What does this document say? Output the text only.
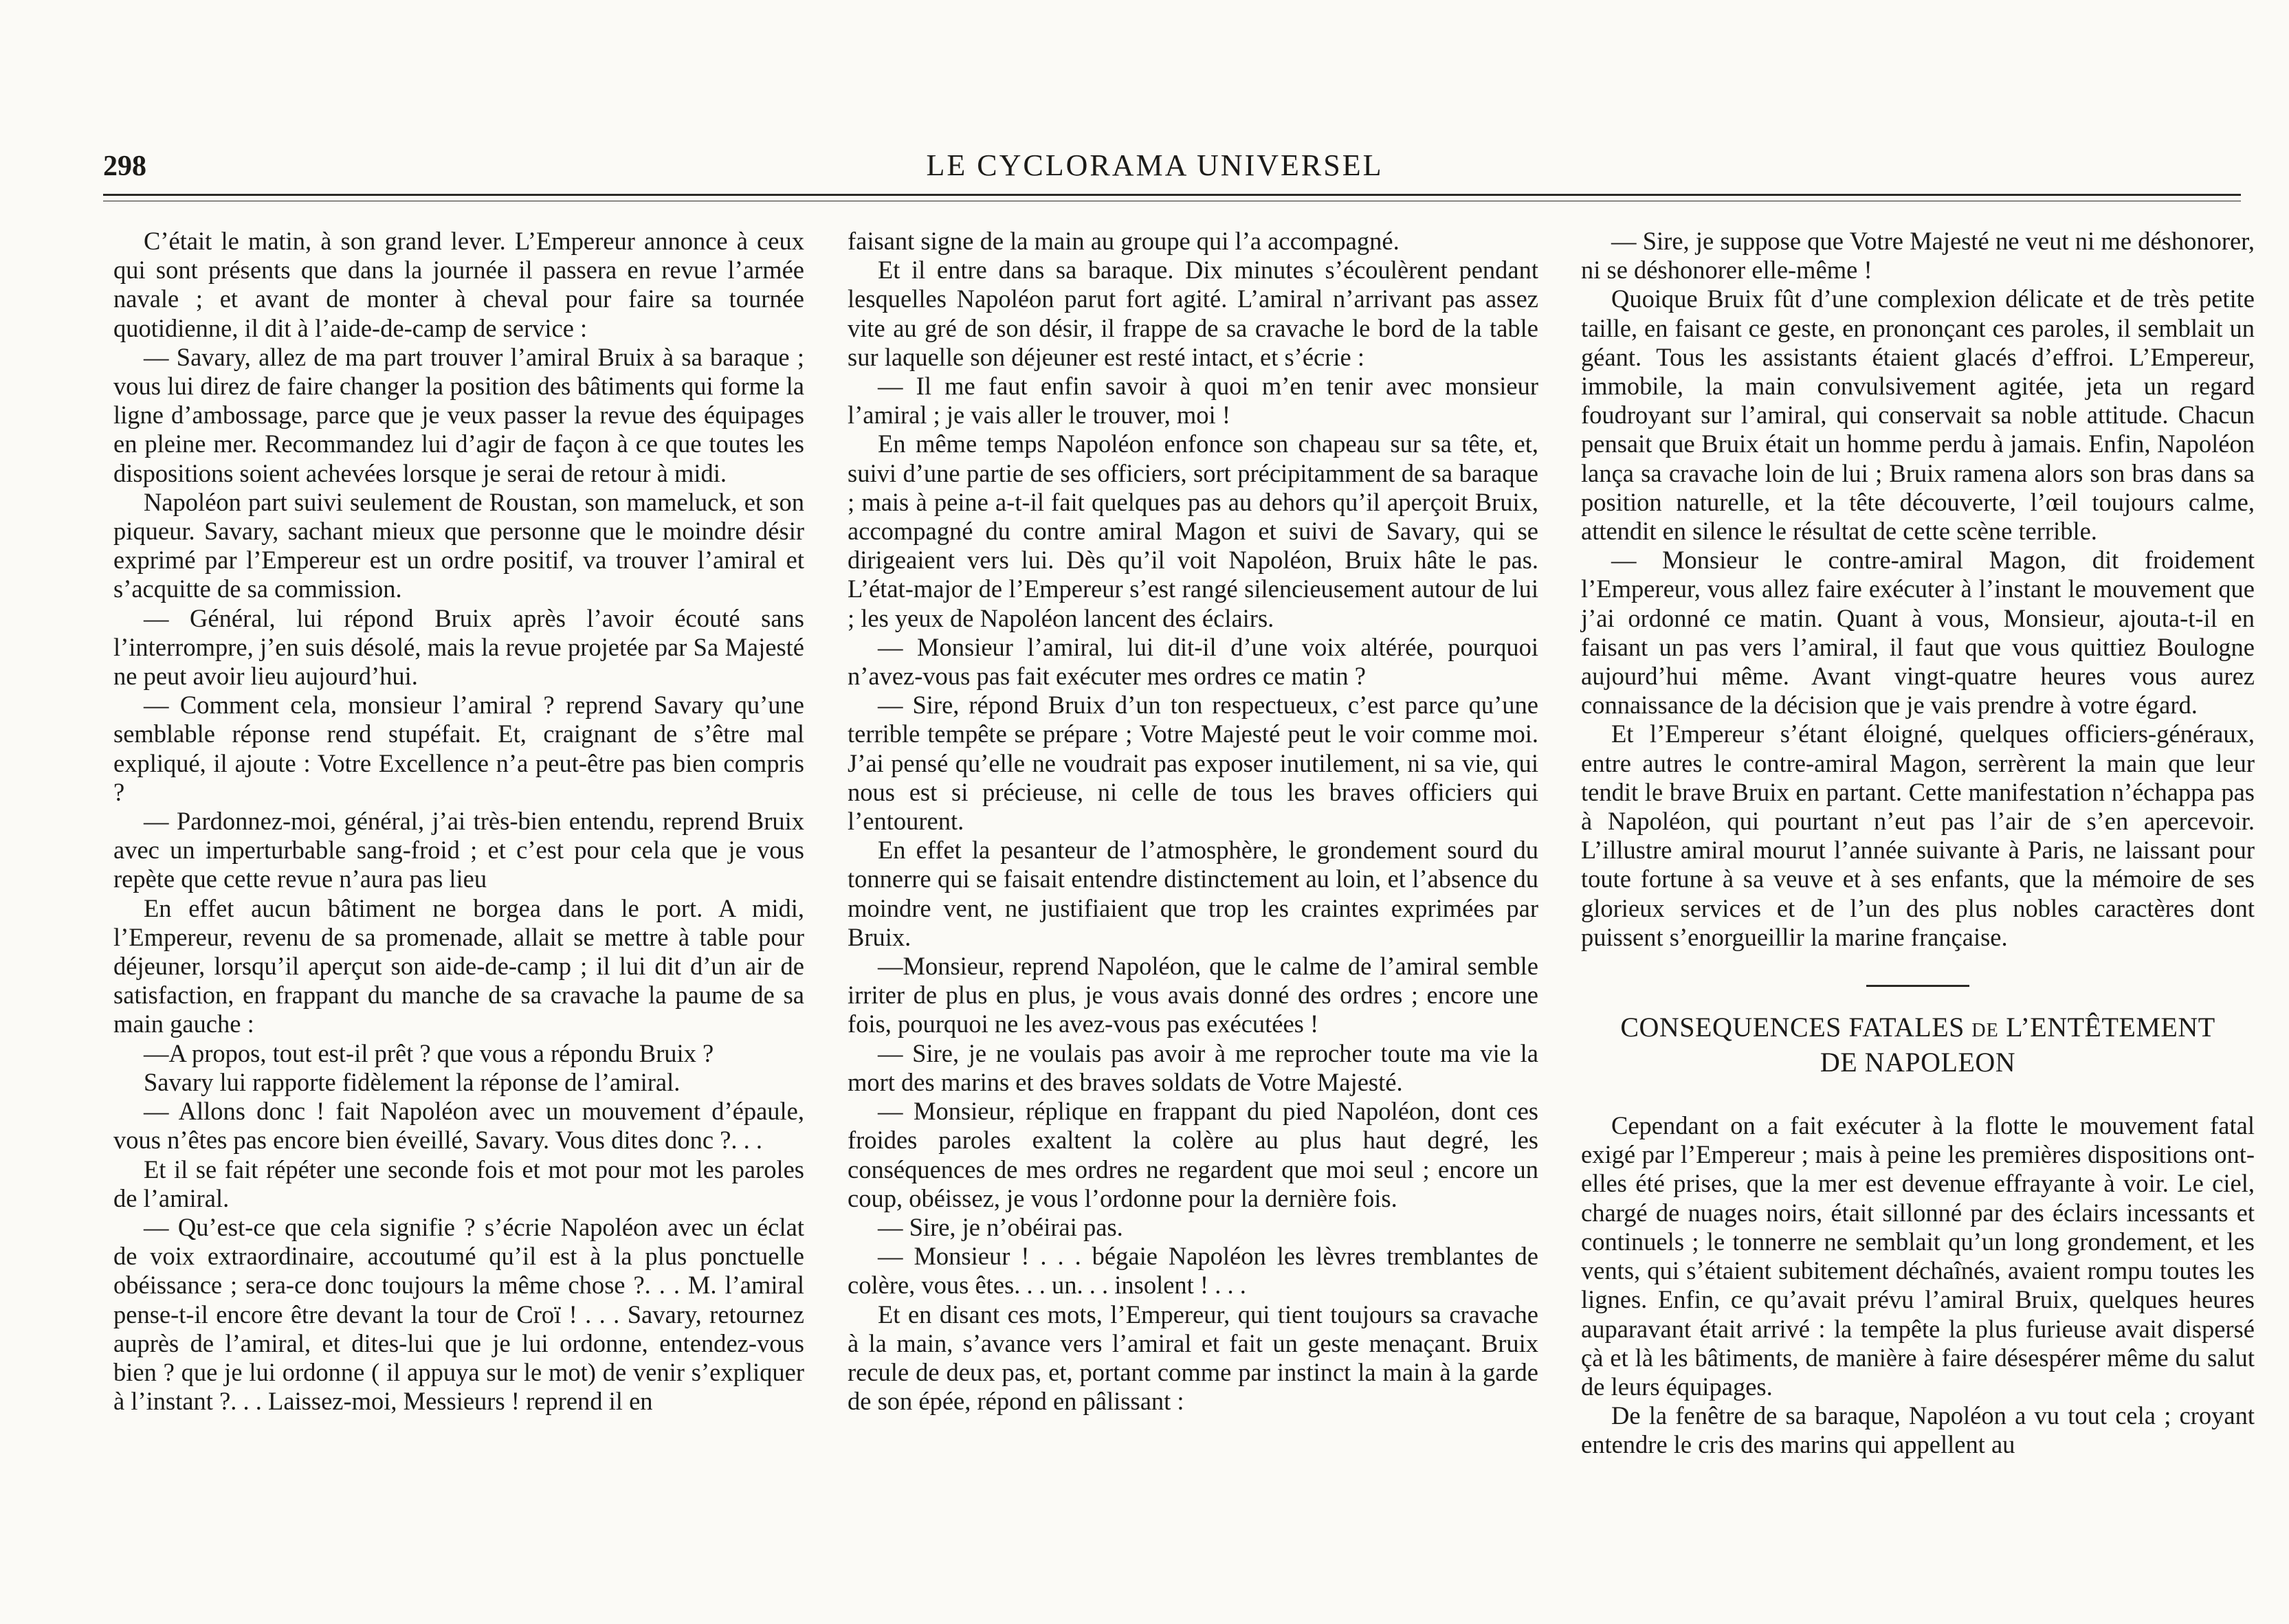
298	LE CYCLORAMA UNIVERSEL

C’était le matin, à son grand lever. L’Empereur annonce à ceux qui sont présents que dans la journée il passera en revue l’armée navale ; et avant de monter à cheval pour faire sa tournée quotidienne, il dit à l’aide-de-camp de service :

— Savary, allez de ma part trouver l’amiral Bruix à sa baraque ; vous lui direz de faire changer la position des bâtiments qui forme la ligne d’ambossage, parce que je veux passer la revue des équipages en pleine mer. Recommandez lui d’agir de façon à ce que toutes les dispositions soient achevées lorsque je serai de retour à midi.

Napoléon part suivi seulement de Roustan, son mameluck, et son piqueur. Savary, sachant mieux que personne que le moindre désir exprimé par l’Empereur est un ordre positif, va trouver l’amiral et s’acquitte de sa commission.

— Général, lui répond Bruix après l’avoir écouté sans l’interrompre, j’en suis désolé, mais la revue projetée par Sa Majesté ne peut avoir lieu aujourd’hui.

— Comment cela, monsieur l’amiral ? reprend Savary qu’une semblable réponse rend stupéfait. Et, craignant de s’être mal expliqué, il ajoute : Votre Excellence n’a peut-être pas bien compris ?

— Pardonnez-moi, général, j’ai très-bien entendu, reprend Bruix avec un imperturbable sang-froid ; et c’est pour cela que je vous repète que cette revue n’aura pas lieu

En effet aucun bâtiment ne borgea dans le port. A midi, l’Empereur, revenu de sa promenade, allait se mettre à table pour déjeuner, lorsqu’il aperçut son aide-de-camp ; il lui dit d’un air de satisfaction, en frappant du manche de sa cravache la paume de sa main gauche :

—A propos, tout est-il prêt ? que vous a répondu Bruix ?

Savary lui rapporte fidèlement la réponse de l’amiral.

— Allons donc ! fait Napoléon avec un mouvement d’épaule, vous n’êtes pas encore bien éveillé, Savary. Vous dites donc ?. . .

Et il se fait répéter une seconde fois et mot pour mot les paroles de l’amiral.

— Qu’est-ce que cela signifie ? s’écrie Napoléon avec un éclat de voix extraordinaire, accoutumé qu’il est à la plus ponctuelle obéissance ; sera-ce donc toujours la même chose ?. . . M. l’amiral pense-t-il encore être devant la tour de Croï ! . . . Savary, retournez auprès de l’amiral, et dites-lui que je lui ordonne, entendez-vous bien ? que je lui ordonne ( il appuya sur le mot) de venir s’expliquer à l’instant ?. . . Laissez-moi, Messieurs ! reprend il en

faisant signe de la main au groupe qui l’a accompagné.

Et il entre dans sa baraque. Dix minutes s’écoulèrent pendant lesquelles Napoléon parut fort agité. L’amiral n’arrivant pas assez vite au gré de son désir, il frappe de sa cravache le bord de la table sur laquelle son déjeuner est resté intact, et s’écrie :

— Il me faut enfin savoir à quoi m’en tenir avec monsieur l’amiral ; je vais aller le trouver, moi !

En même temps Napoléon enfonce son chapeau sur sa tête, et, suivi d’une partie de ses officiers, sort précipitamment de sa baraque ; mais à peine a-t-il fait quelques pas au dehors qu’il aperçoit Bruix, accompagné du contre amiral Magon et suivi de Savary, qui se dirigeaient vers lui. Dès qu’il voit Napoléon, Bruix hâte le pas. L’état-major de l’Empereur s’est rangé silencieusement autour de lui ; les yeux de Napoléon lancent des éclairs.

— Monsieur l’amiral, lui dit-il d’une voix altérée, pourquoi n’avez-vous pas fait exécuter mes ordres ce matin ?

— Sire, répond Bruix d’un ton respectueux, c’est parce qu’une terrible tempête se prépare ; Votre Majesté peut le voir comme moi. J’ai pensé qu’elle ne voudrait pas exposer inutilement, ni sa vie, qui nous est si précieuse, ni celle de tous les braves officiers qui l’entourent.

En effet la pesanteur de l’atmosphère, le grondement sourd du tonnerre qui se faisait entendre distinctement au loin, et l’absence du moindre vent, ne justifiaient que trop les craintes exprimées par Bruix.

—Monsieur, reprend Napoléon, que le calme de l’amiral semble irriter de plus en plus, je vous avais donné des ordres ; encore une fois, pourquoi ne les avez-vous pas exécutées !

— Sire, je ne voulais pas avoir à me reprocher toute ma vie la mort des marins et des braves soldats de Votre Majesté.

— Monsieur, réplique en frappant du pied Napoléon, dont ces froides paroles exaltent la colère au plus haut degré, les conséquences de mes ordres ne regardent que moi seul ; encore un coup, obéissez, je vous l’ordonne pour la dernière fois.

— Sire, je n’obéirai pas.

— Monsieur ! . . . bégaie Napoléon les lèvres tremblantes de colère, vous êtes. . . un. . . insolent ! . . .

Et en disant ces mots, l’Empereur, qui tient toujours sa cravache à la main, s’avance vers l’amiral et fait un geste menaçant. Bruix recule de deux pas, et, portant comme par instinct la main à la garde de son épée, répond en pâlissant :

— Sire, je suppose que Votre Majesté ne veut ni me déshonorer, ni se déshonorer elle-même !

Quoique Bruix fût d’une complexion délicate et de très petite taille, en faisant ce geste, en prononçant ces paroles, il semblait un géant. Tous les assistants étaient glacés d’effroi. L’Empereur, immobile, la main convulsivement agitée, jeta un regard foudroyant sur l’amiral, qui conservait sa noble attitude. Chacun pensait que Bruix était un homme perdu à jamais. Enfin, Napoléon lança sa cravache loin de lui ; Bruix ramena alors son bras dans sa position naturelle, et la tête découverte, l’œil toujours calme, attendit en silence le résultat de cette scène terrible.

— Monsieur le contre-amiral Magon, dit froidement l’Empereur, vous allez faire exécuter à l’instant le mouvement que j’ai ordonné ce matin. Quant à vous, Monsieur, ajouta-t-il en faisant un pas vers l’amiral, il faut que vous quittiez Boulogne aujourd’hui même. Avant vingt-quatre heures vous aurez connaissance de la décision que je vais prendre à votre égard.

Et l’Empereur s’étant éloigné, quelques officiers-généraux, entre autres le contre-amiral Magon, serrèrent la main que leur tendit le brave Bruix en partant. Cette manifestation n’échappa pas à Napoléon, qui pourtant n’eut pas l’air de s’en apercevoir. L’illustre amiral mourut l’année suivante à Paris, ne laissant pour toute fortune à sa veuve et à ses enfants, que la mémoire de ses glorieux services et de l’un des plus nobles caractères dont puissent s’enorgueillir la marine française.

CONSEQUENCES FATALES DE L’ENTÊTEMENT
DE NAPOLEON

Cependant on a fait exécuter à la flotte le mouvement fatal exigé par l’Empereur ; mais à peine les premières dispositions ont-elles été prises, que la mer est devenue effrayante à voir. Le ciel, chargé de nuages noirs, était sillonné par des éclairs incessants et continuels ; le tonnerre ne semblait qu’un long grondement, et les vents, qui s’étaient subitement déchaînés, avaient rompu toutes les lignes. Enfin, ce qu’avait prévu l’amiral Bruix, quelques heures auparavant était arrivé : la tempête la plus furieuse avait dispersé çà et là les bâtiments, de manière à faire désespérer même du salut de leurs équipages.

De la fenêtre de sa baraque, Napoléon a vu tout cela ; croyant entendre le cris des marins qui appellent au
